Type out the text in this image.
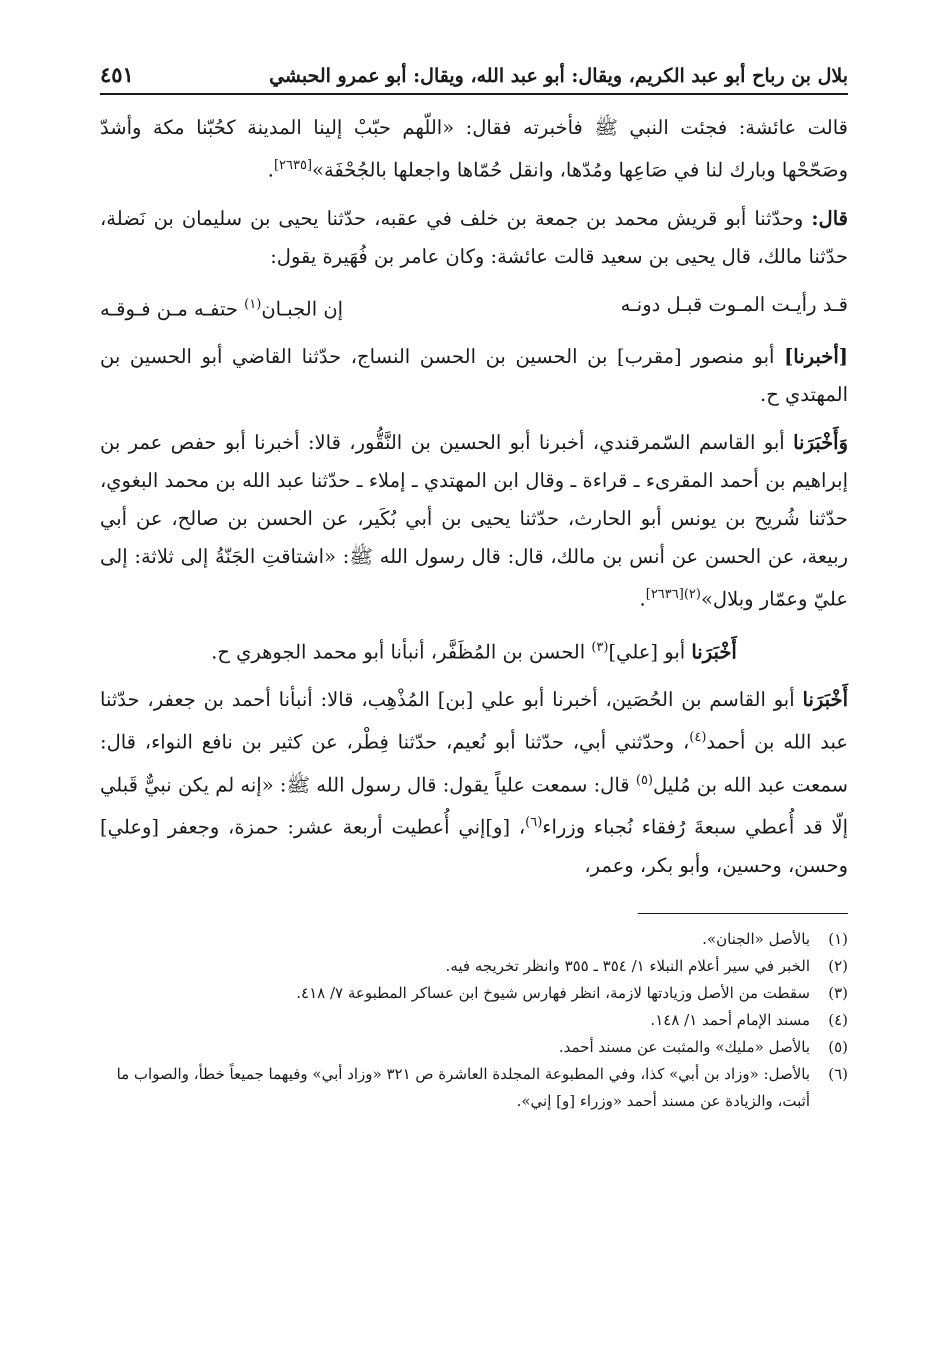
بلال بن رباح أبو عبد الكريم، ويقال: أبو عبد الله، ويقال: أبو عمرو الحبشي
٤٥١

قالت عائشة: فجئت النبي ﷺ فأخبرته فقال: «اللّهم حبّبْ إلينا المدينة كحُبّنا مكة وأشدّ وصَحّحْها وبارك لنا في صَاعِها ومُدّها، وانقل حُمّاها واجعلها بالجُحْفَة»[٢٦٣٥].

قال: وحدّثنا أبو قريش محمد بن جمعة بن خلف في عقبه، حدّثنا يحيى بن سليمان بن نَضلة، حدّثنا مالك، قال يحيى بن سعيد قالت عائشة: وكان عامر بن فُهَيرة يقول:

قـد رأيـت المـوت قبـل دونـه
إن الجبـان$^{(١)}$ حتفـه مـن فـوقـه

[أخبرنا] أبو منصور [مقرب] بن الحسين بن الحسن النساج، حدّثنا القاضي أبو الحسين بن المهتدي ح.

وَأَخْبَرَنا أبو القاسم السّمرقندي، أخبرنا أبو الحسين بن النَّقُّور، قالا: أخبرنا أبو حفص عمر بن إبراهيم بن أحمد المقرىء ـ قراءة ـ وقال ابن المهتدي ـ إملاء ـ حدّثنا عبد الله بن محمد البغوي، حدّثنا شُريح بن يونس أبو الحارث، حدّثنا يحيى بن أبي بُكَير، عن الحسن بن صالح، عن أبي ربيعة، عن الحسن عن أنس بن مالك، قال: قال رسول الله ﷺ: «اشتاقتِ الجَنّةُ إلى ثلاثة: إلى عليّ وعمّار وبلال»$^{(٢)[٢٦٣٦]}$.

أَخْبَرَنا أبو [علي]$^{(٣)}$ الحسن بن المُظَفَّر، أنبأنا أبو محمد الجوهري ح.

أَخْبَرَنا أبو القاسم بن الحُصَين، أخبرنا أبو علي [بن] المُذْهِب، قالا: أنبأنا أحمد بن جعفر، حدّثنا عبد الله بن أحمد$^{(٤)}$، وحدّثني أبي، حدّثنا أبو نُعيم، حدّثنا فِطْر، عن كثير بن نافع النواء، قال: سمعت عبد الله بن مُليل$^{(٥)}$ قال: سمعت علياً يقول: قال رسول الله ﷺ: «إنه لم يكن نبيٌّ قَبلي إلّا قد أُعطي سبعةَ رُفقاء نُجباء وزراء$^{(٦)}$، [و]إني أُعطيت أربعة عشر: حمزة، وجعفر [وعلي] وحسن، وحسين، وأبو بكر، وعمر،

(١)
بالأصل «الجنان».
(٢)
الخبر في سير أعلام النبلاء ١/ ٣٥٤ ـ ٣٥٥ وانظر تخريجه فيه.
(٣)
سقطت من الأصل وزيادتها لازمة، انظر فهارس شيوخ ابن عساكر المطبوعة ٧/ ٤١٨.
(٤)
مسند الإمام أحمد ١/ ١٤٨.
(٥)
بالأصل «مليك» والمثبت عن مسند أحمد.
(٦)
بالأصل: «وزاد بن أبي» كذا، وفي المطبوعة المجلدة العاشرة ص ٣٢١ «وزاد أبي» وفيهما جميعاً خطأ، والصواب ما أثبت، والزيادة عن مسند أحمد «وزراء [و] إني».
